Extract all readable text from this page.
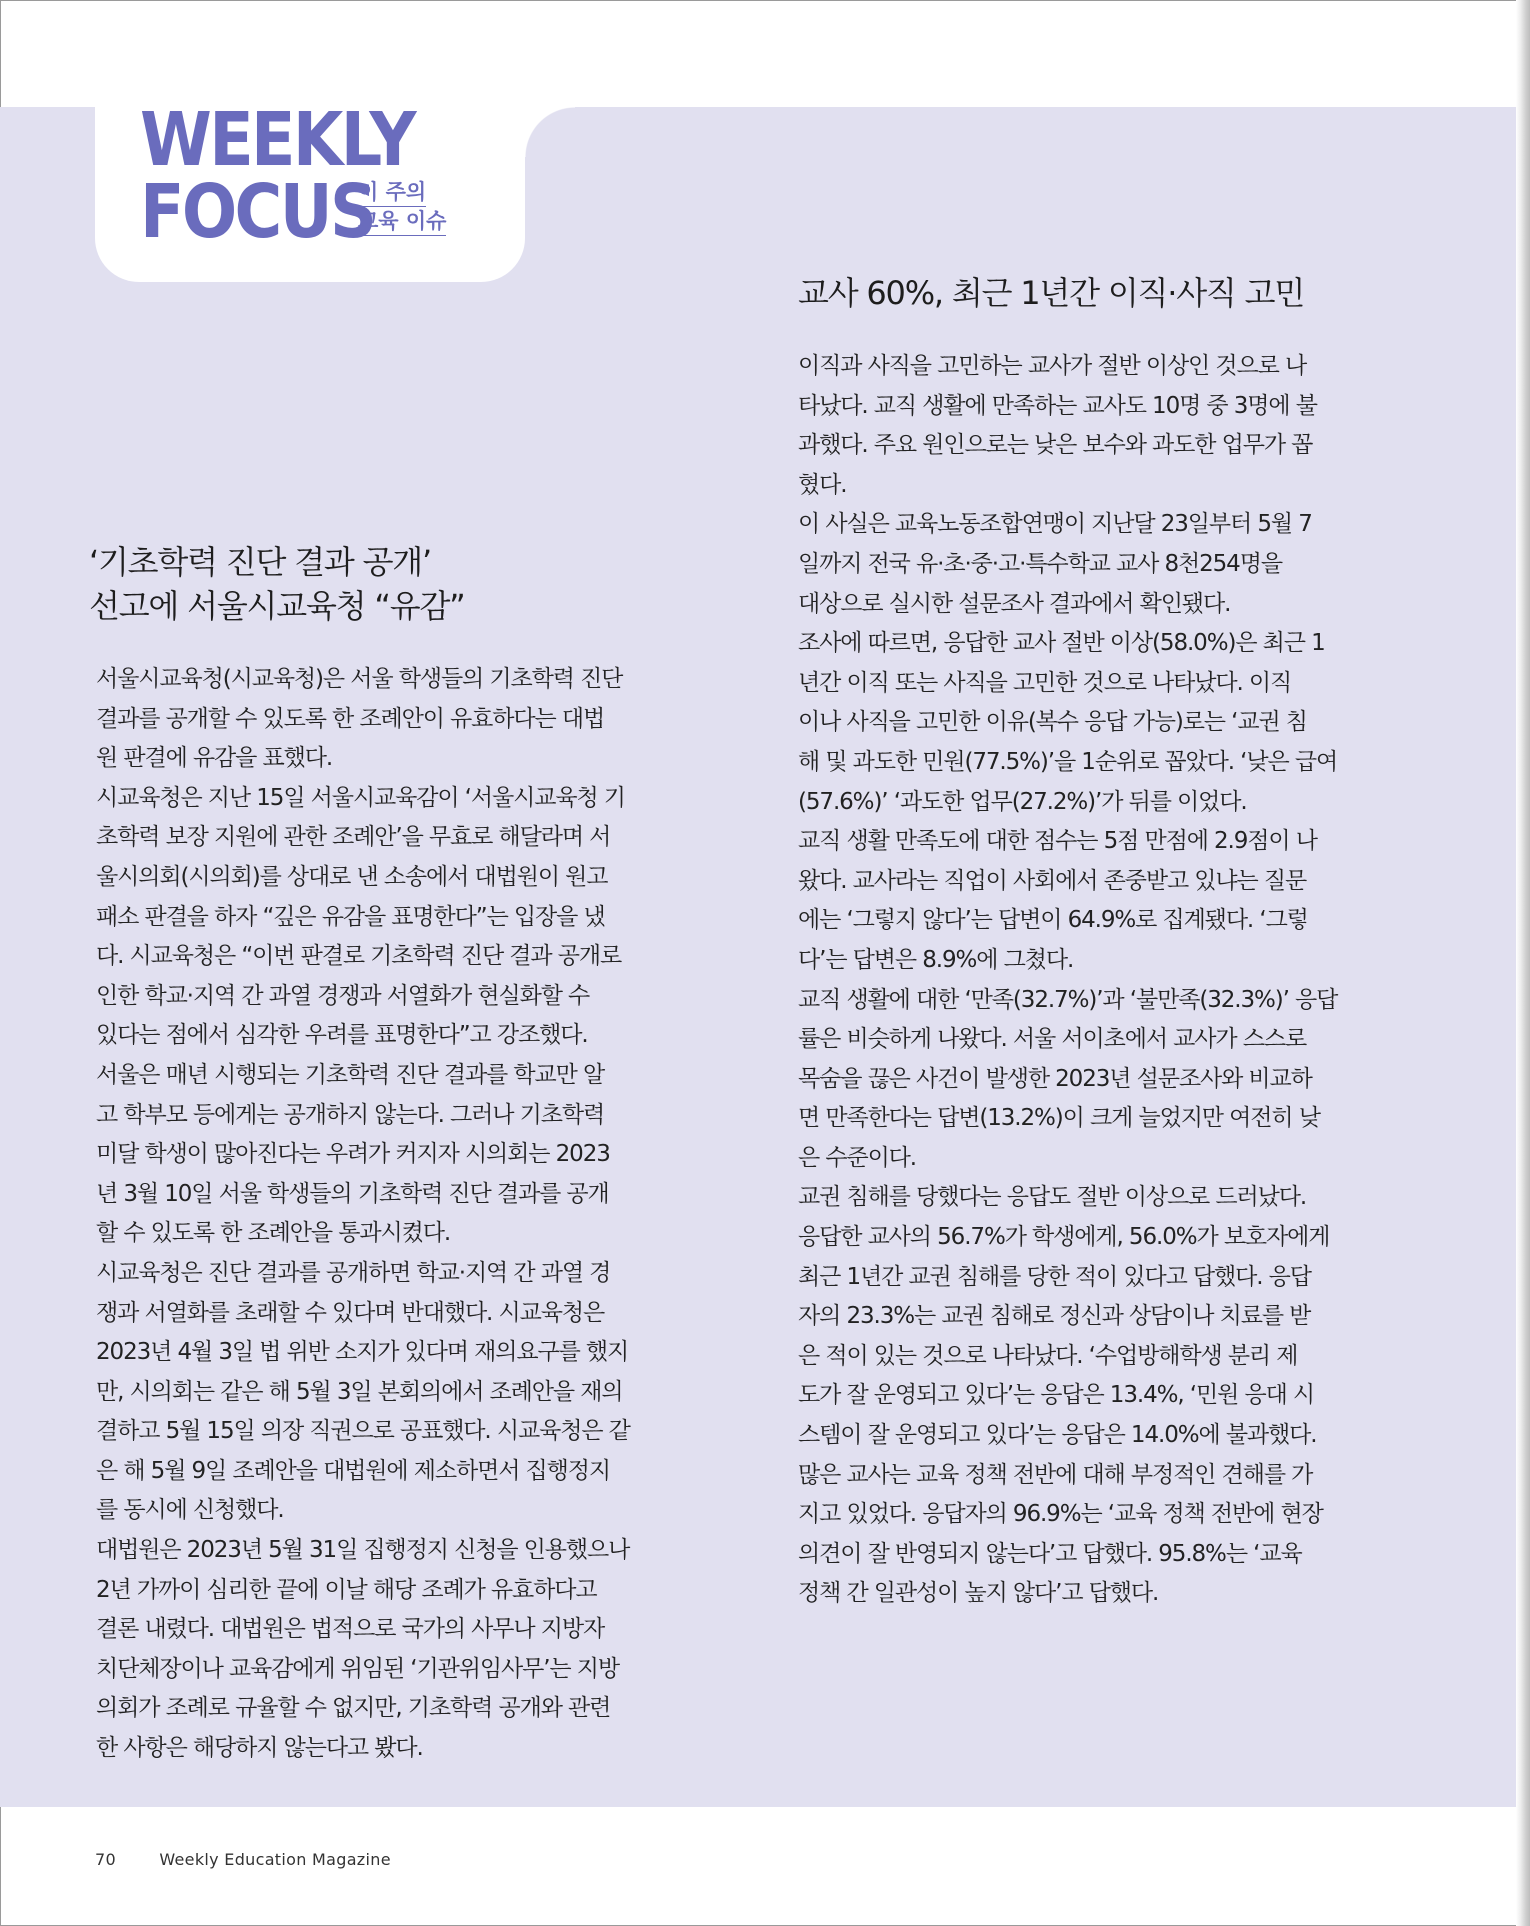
WEEKLY
FOCUS
이 주의
교육 이슈
교사 60%, 최근 1년간 이직·사직 고민

이직과 사직을 고민하는 교사가 절반 이상인 것으로 나
타났다. 교직 생활에 만족하는 교사도 10명 중 3명에 불
과했다. 주요 원인으로는 낮은 보수와 과도한 업무가 꼽
혔다.

이 사실은 교육노동조합연맹이 지난달 23일부터 5월 7
일까지 전국 유·초·중·고·특수학교 교사 8천254명을
대상으로 실시한 설문조사 결과에서 확인됐다.

조사에 따르면, 응답한 교사 절반 이상(58.0%)은 최근 1
년간 이직 또는 사직을 고민한 것으로 나타났다. 이직
이나 사직을 고민한 이유(복수 응답 가능)로는 ‘교권 침
해 및 과도한 민원(77.5%)’을 1순위로 꼽았다. ‘낮은 급여
(57.6%)’ ‘과도한 업무(27.2%)’가 뒤를 이었다.

교직 생활 만족도에 대한 점수는 5점 만점에 2.9점이 나
왔다. 교사라는 직업이 사회에서 존중받고 있냐는 질문
에는 ‘그렇지 않다’는 답변이 64.9%로 집계됐다. ‘그렇
다’는 답변은 8.9%에 그쳤다.

교직 생활에 대한 ‘만족(32.7%)’과 ‘불만족(32.3%)’ 응답
률은 비슷하게 나왔다. 서울 서이초에서 교사가 스스로
목숨을 끊은 사건이 발생한 2023년 설문조사와 비교하
면 만족한다는 답변(13.2%)이 크게 늘었지만 여전히 낮
은 수준이다.

교권 침해를 당했다는 응답도 절반 이상으로 드러났다.
응답한 교사의 56.7%가 학생에게, 56.0%가 보호자에게
최근 1년간 교권 침해를 당한 적이 있다고 답했다. 응답
자의 23.3%는 교권 침해로 정신과 상담이나 치료를 받
은 적이 있는 것으로 나타났다. ‘수업방해학생 분리 제
도가 잘 운영되고 있다’는 응답은 13.4%, ‘민원 응대 시
스템이 잘 운영되고 있다’는 응답은 14.0%에 불과했다.

많은 교사는 교육 정책 전반에 대해 부정적인 견해를 가
지고 있었다. 응답자의 96.9%는 ‘교육 정책 전반에 현장
의견이 잘 반영되지 않는다’고 답했다. 95.8%는 ‘교육
정책 간 일관성이 높지 않다’고 답했다.

‘기초학력 진단 결과 공개’
선고에 서울시교육청 “유감”

서울시교육청(시교육청)은 서울 학생들의 기초학력 진단
결과를 공개할 수 있도록 한 조례안이 유효하다는 대법
원 판결에 유감을 표했다.

시교육청은 지난 15일 서울시교육감이 ‘서울시교육청 기
초학력 보장 지원에 관한 조례안’을 무효로 해달라며 서
울시의회(시의회)를 상대로 낸 소송에서 대법원이 원고
패소 판결을 하자 “깊은 유감을 표명한다”는 입장을 냈
다. 시교육청은 “이번 판결로 기초학력 진단 결과 공개로
인한 학교·지역 간 과열 경쟁과 서열화가 현실화할 수
있다는 점에서 심각한 우려를 표명한다”고 강조했다.

서울은 매년 시행되는 기초학력 진단 결과를 학교만 알
고 학부모 등에게는 공개하지 않는다. 그러나 기초학력
미달 학생이 많아진다는 우려가 커지자 시의회는 2023
년 3월 10일 서울 학생들의 기초학력 진단 결과를 공개
할 수 있도록 한 조례안을 통과시켰다.

시교육청은 진단 결과를 공개하면 학교·지역 간 과열 경
쟁과 서열화를 초래할 수 있다며 반대했다. 시교육청은
2023년 4월 3일 법 위반 소지가 있다며 재의요구를 했지
만, 시의회는 같은 해 5월 3일 본회의에서 조례안을 재의
결하고 5월 15일 의장 직권으로 공표했다. 시교육청은 같
은 해 5월 9일 조례안을 대법원에 제소하면서 집행정지
를 동시에 신청했다.

대법원은 2023년 5월 31일 집행정지 신청을 인용했으나
2년 가까이 심리한 끝에 이날 해당 조례가 유효하다고
결론 내렸다. 대법원은 법적으로 국가의 사무나 지방자
치단체장이나 교육감에게 위임된 ‘기관위임사무’는 지방
의회가 조례로 규율할 수 없지만, 기초학력 공개와 관련
한 사항은 해당하지 않는다고 봤다.

70	Weekly Education Magazine
